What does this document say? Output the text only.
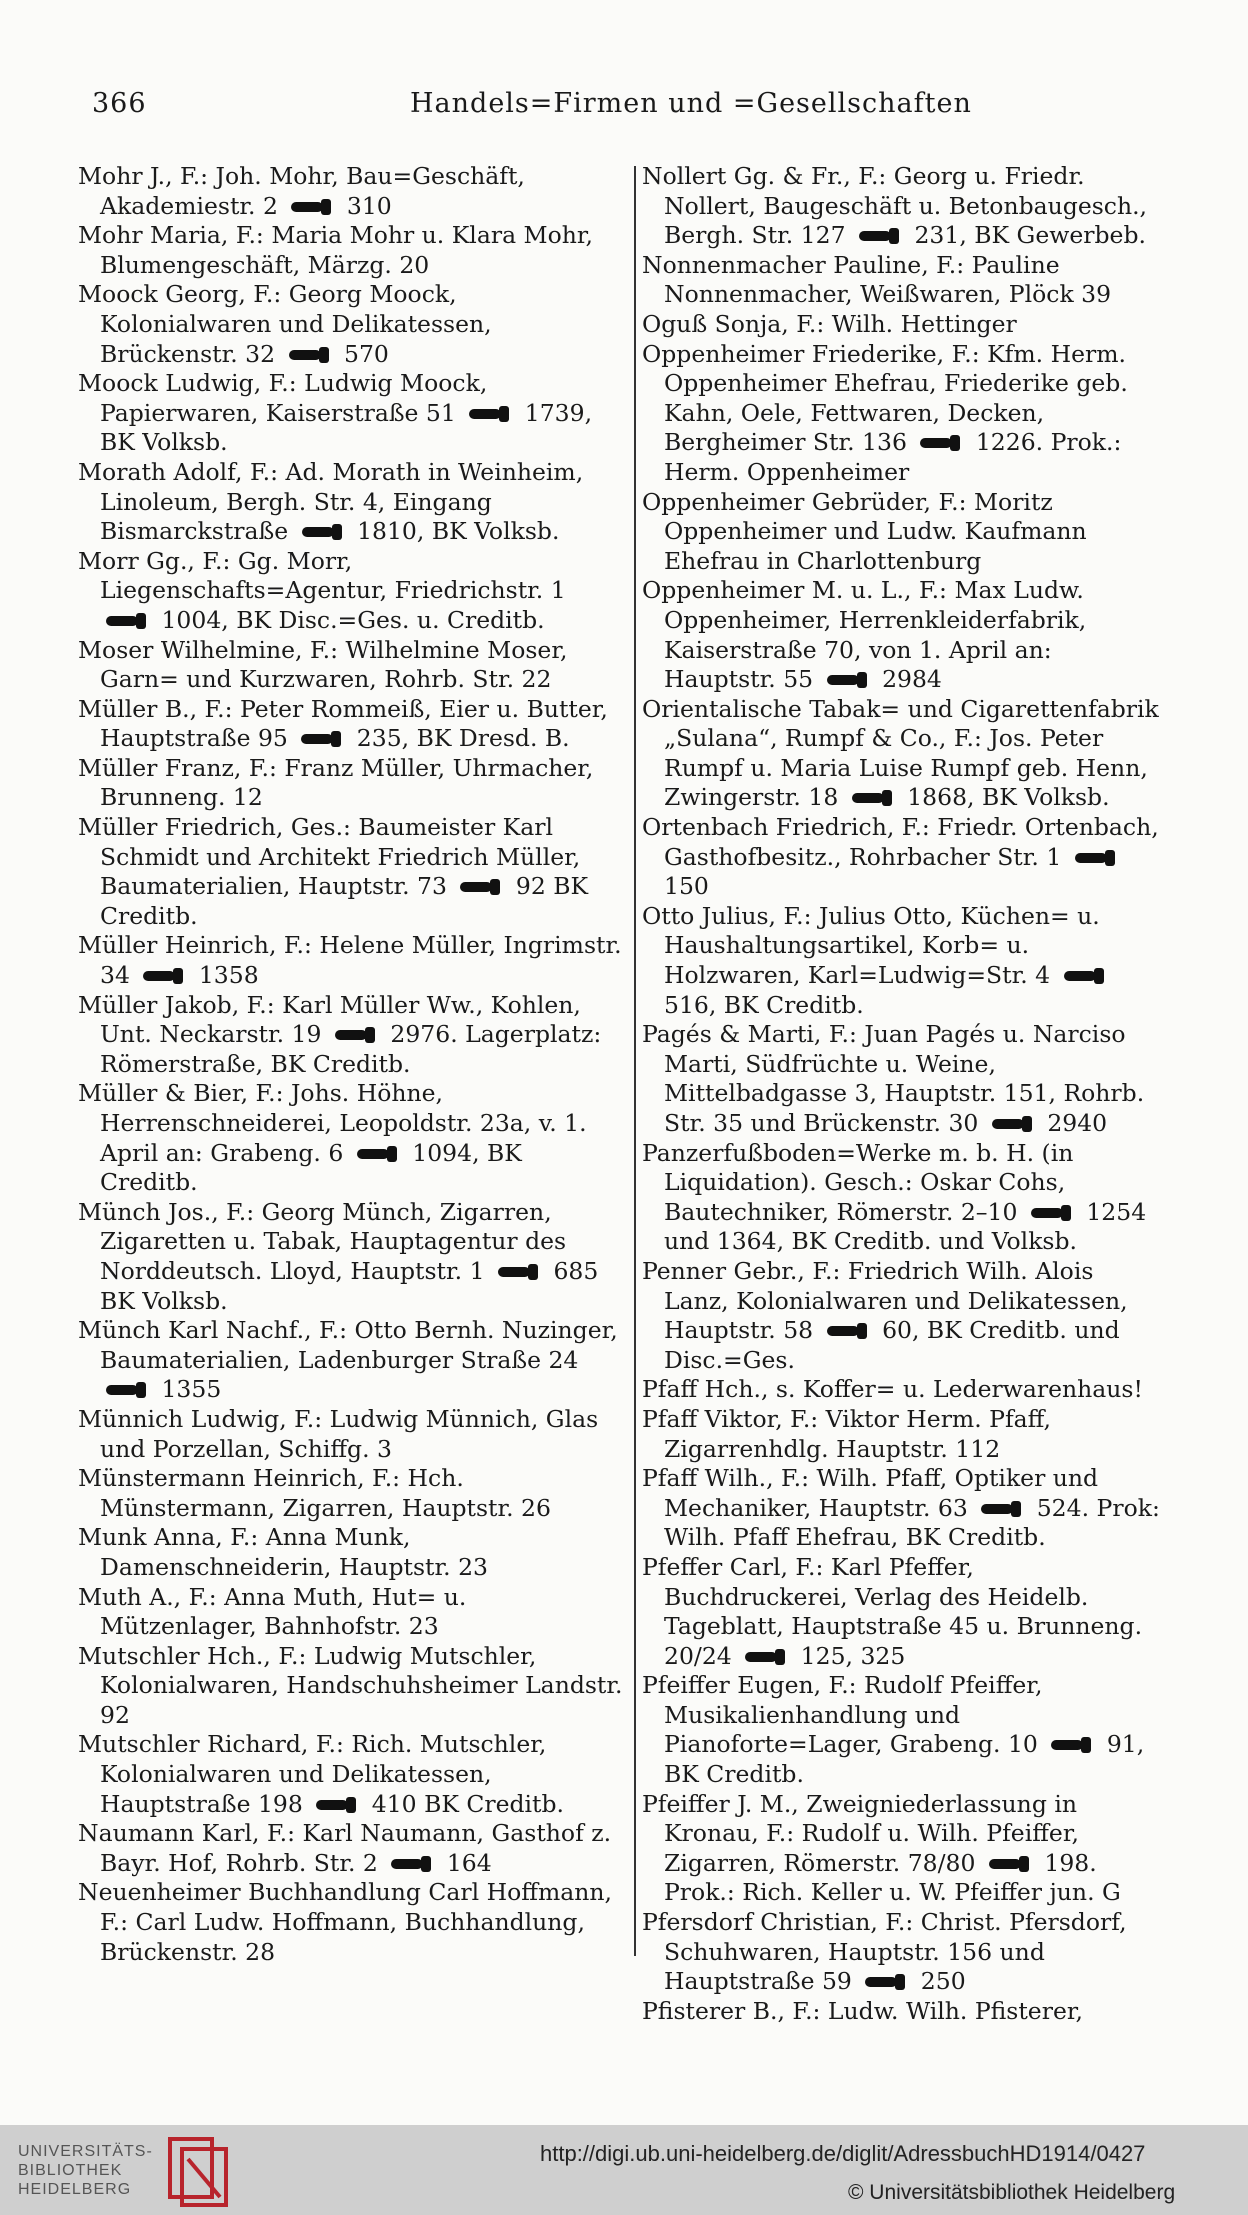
366	Handels=Firmen und =Gesellschaften

Mohr J., F.: Joh. Mohr, Bau=Geschäft, Akademiestr. 2  310

Mohr Maria, F.: Maria Mohr u. Klara Mohr, Blumengeschäft, Märzg. 20

Moock Georg, F.: Georg Moock, Kolonialwaren und Delikatessen, Brückenstr. 32  570

Moock Ludwig, F.: Ludwig Moock, Papierwaren, Kaiserstraße 51  1739, BK Volksb.

Morath Adolf, F.: Ad. Morath in Weinheim, Linoleum, Bergh. Str. 4, Eingang Bismarckstraße  1810, BK Volksb.

Morr Gg., F.: Gg. Morr, Liegenschafts=Agentur, Friedrichstr. 1  1004, BK Disc.=Ges. u. Creditb.

Moser Wilhelmine, F.: Wilhelmine Moser, Garn= und Kurzwaren, Rohrb. Str. 22

Müller B., F.: Peter Rommeiß, Eier u. Butter, Hauptstraße 95  235, BK Dresd. B.

Müller Franz, F.: Franz Müller, Uhrmacher, Brunneng. 12

Müller Friedrich, Ges.: Baumeister Karl Schmidt und Architekt Friedrich Müller, Baumaterialien, Hauptstr. 73  92 BK Creditb.

Müller Heinrich, F.: Helene Müller, Ingrimstr. 34  1358

Müller Jakob, F.: Karl Müller Ww., Kohlen, Unt. Neckarstr. 19  2976. Lagerplatz: Römerstraße, BK Creditb.

Müller & Bier, F.: Johs. Höhne, Herrenschneiderei, Leopoldstr. 23a, v. 1. April an: Grabeng. 6  1094, BK Creditb.

Münch Jos., F.: Georg Münch, Zigarren, Zigaretten u. Tabak, Hauptagentur des Norddeutsch. Lloyd, Hauptstr. 1  685 BK Volksb.

Münch Karl Nachf., F.: Otto Bernh. Nuzinger, Baumaterialien, Ladenburger Straße 24  1355

Münnich Ludwig, F.: Ludwig Münnich, Glas und Porzellan, Schiffg. 3

Münstermann Heinrich, F.: Hch. Münstermann, Zigarren, Hauptstr. 26

Munk Anna, F.: Anna Munk, Damenschneiderin, Hauptstr. 23

Muth A., F.: Anna Muth, Hut= u. Mützenlager, Bahnhofstr. 23

Mutschler Hch., F.: Ludwig Mutschler, Kolonialwaren, Handschuhsheimer Landstr. 92

Mutschler Richard, F.: Rich. Mutschler, Kolonialwaren und Delikatessen, Hauptstraße 198  410 BK Creditb.

Naumann Karl, F.: Karl Naumann, Gasthof z. Bayr. Hof, Rohrb. Str. 2  164

Neuenheimer Buchhandlung Carl Hoffmann, F.: Carl Ludw. Hoffmann, Buchhandlung, Brückenstr. 28

Nollert Gg. & Fr., F.: Georg u. Friedr. Nollert, Baugeschäft u. Betonbaugesch., Bergh. Str. 127  231, BK Gewerbeb.

Nonnenmacher Pauline, F.: Pauline Nonnenmacher, Weißwaren, Plöck 39

Oguß Sonja, F.: Wilh. Hettinger

Oppenheimer Friederike, F.: Kfm. Herm. Oppenheimer Ehefrau, Friederike geb. Kahn, Oele, Fettwaren, Decken, Bergheimer Str. 136  1226. Prok.: Herm. Oppenheimer

Oppenheimer Gebrüder, F.: Moritz Oppenheimer und Ludw. Kaufmann Ehefrau in Charlottenburg

Oppenheimer M. u. L., F.: Max Ludw. Oppenheimer, Herrenkleiderfabrik, Kaiserstraße 70, von 1. April an: Hauptstr. 55  2984

Orientalische Tabak= und Cigarettenfabrik „Sulana“, Rumpf & Co., F.: Jos. Peter Rumpf u. Maria Luise Rumpf geb. Henn, Zwingerstr. 18  1868, BK Volksb.

Ortenbach Friedrich, F.: Friedr. Ortenbach, Gasthofbesitz., Rohrbacher Str. 1  150

Otto Julius, F.: Julius Otto, Küchen= u. Haushaltungsartikel, Korb= u. Holzwaren, Karl=Ludwig=Str. 4  516, BK Creditb.

Pagés & Marti, F.: Juan Pagés u. Narciso Marti, Südfrüchte u. Weine, Mittelbadgasse 3, Hauptstr. 151, Rohrb. Str. 35 und Brückenstr. 30  2940

Panzerfußboden=Werke m. b. H. (in Liquidation). Gesch.: Oskar Cohs, Bautechniker, Römerstr. 2–10  1254 und 1364, BK Creditb. und Volksb.

Penner Gebr., F.: Friedrich Wilh. Alois Lanz, Kolonialwaren und Delikatessen, Hauptstr. 58  60, BK Creditb. und Disc.=Ges.

Pfaff Hch., s. Koffer= u. Lederwarenhaus!

Pfaff Viktor, F.: Viktor Herm. Pfaff, Zigarrenhdlg. Hauptstr. 112

Pfaff Wilh., F.: Wilh. Pfaff, Optiker und Mechaniker, Hauptstr. 63  524. Prok: Wilh. Pfaff Ehefrau, BK Creditb.

Pfeffer Carl, F.: Karl Pfeffer, Buchdruckerei, Verlag des Heidelb. Tageblatt, Hauptstraße 45 u. Brunneng. 20/24  125, 325

Pfeiffer Eugen, F.: Rudolf Pfeiffer, Musikalienhandlung und Pianoforte=Lager, Grabeng. 10  91, BK Creditb.

Pfeiffer J. M., Zweigniederlassung in Kronau, F.: Rudolf u. Wilh. Pfeiffer, Zigarren, Römerstr. 78/80  198. Prok.: Rich. Keller u. W. Pfeiffer jun. G

Pfersdorf Christian, F.: Christ. Pfersdorf, Schuhwaren, Hauptstr. 156 und Hauptstraße 59  250

Pfisterer B., F.: Ludw. Wilh. Pfisterer,

UNIVERSITÄTS-
BIBLIOTHEK
HEIDELBERG
http://digi.ub.uni-heidelberg.de/diglit/AdressbuchHD1914/0427
© Universitätsbibliothek Heidelberg
